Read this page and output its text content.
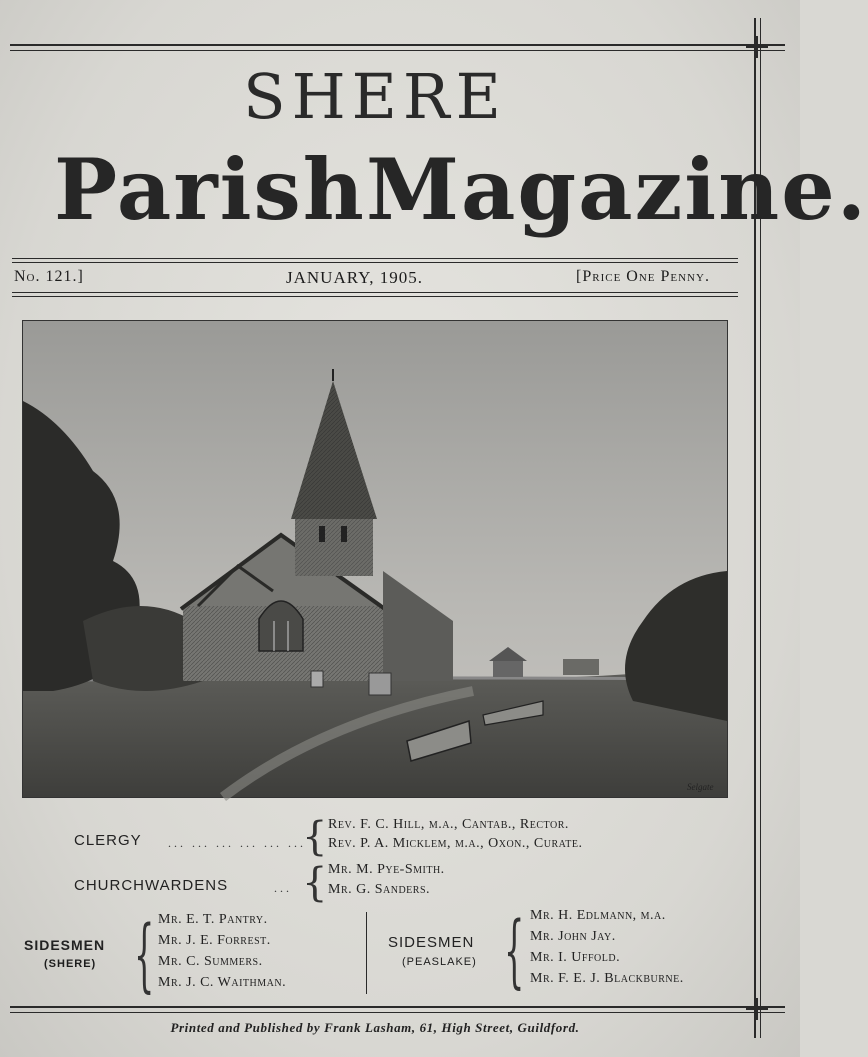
SHERE
Parish Magazine.
No. 121.]	JANUARY, 1905.	[Price One Penny.
Selgate
CLERGY ... ... ... ... ... ...
{ Rev. F. C. Hill, m.a., Cantab., Rector.
Rev. P. A. Micklem, m.a., Oxon., Curate.
CHURCHWARDENS	... { Mr. M. Pye-Smith.
Mr. G. Sanders.
SIDESMEN
(SHERE) { Mr. E. T. Pantry.
Mr. J. E. Forrest.
Mr. C. Summers.
Mr. J. C. Waithman.
SIDESMEN
(PEASLAKE) { Mr. H. Edlmann, m.a.
Mr. John Jay.
Mr. I. Uffold.
Mr. F. E. J. Blackburne.
Printed and Published by Frank Lasham, 61, High Street, Guildford.
